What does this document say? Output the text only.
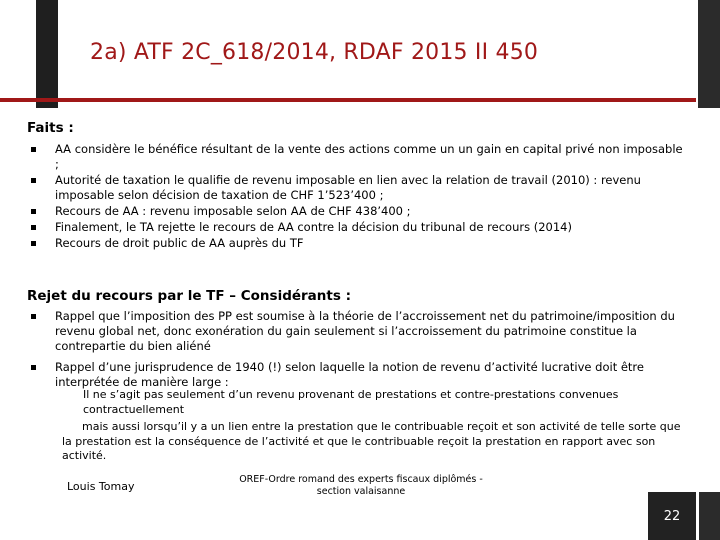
2a) ATF 2C_618/2014, RDAF 2015 II 450
Faits :
AA considère le bénéfice résultant de la vente des actions comme un un gain en capital privé non imposable ;
Autorité de taxation le qualifie de revenu imposable en lien avec la relation de travail (2010) : revenu imposable selon décision de taxation de CHF 1’523’400 ;
Recours de AA : revenu imposable selon AA de CHF 438’400 ;
Finalement, le TA rejette le recours de AA contre la décision du tribunal de recours (2014)
Recours de droit public de AA auprès du TF
Rejet du recours par le TF – Considérants :
Rappel que l’imposition des PP est soumise à la théorie de l’accroissement net du patrimoine/imposition du revenu global net, donc exonération du gain seulement si l’accroissement du patrimoine constitue la contrepartie du bien aliéné
Rappel d’une jurisprudence de 1940 (!) selon laquelle la notion de revenu d’activité lucrative doit être interprétée de manière large :
Il ne s’agit pas seulement d’un revenu provenant de prestations et contre-prestations convenues contractuellement
mais aussi lorsqu’il y a un lien entre la prestation que le contribuable reçoit et son activité de telle sorte que la prestation est la conséquence de l’activité et que le contribuable reçoit la prestation en rapport avec son activité.
Louis Tomay
OREF-Ordre romand des experts fiscaux diplômés - section valaisanne
22
